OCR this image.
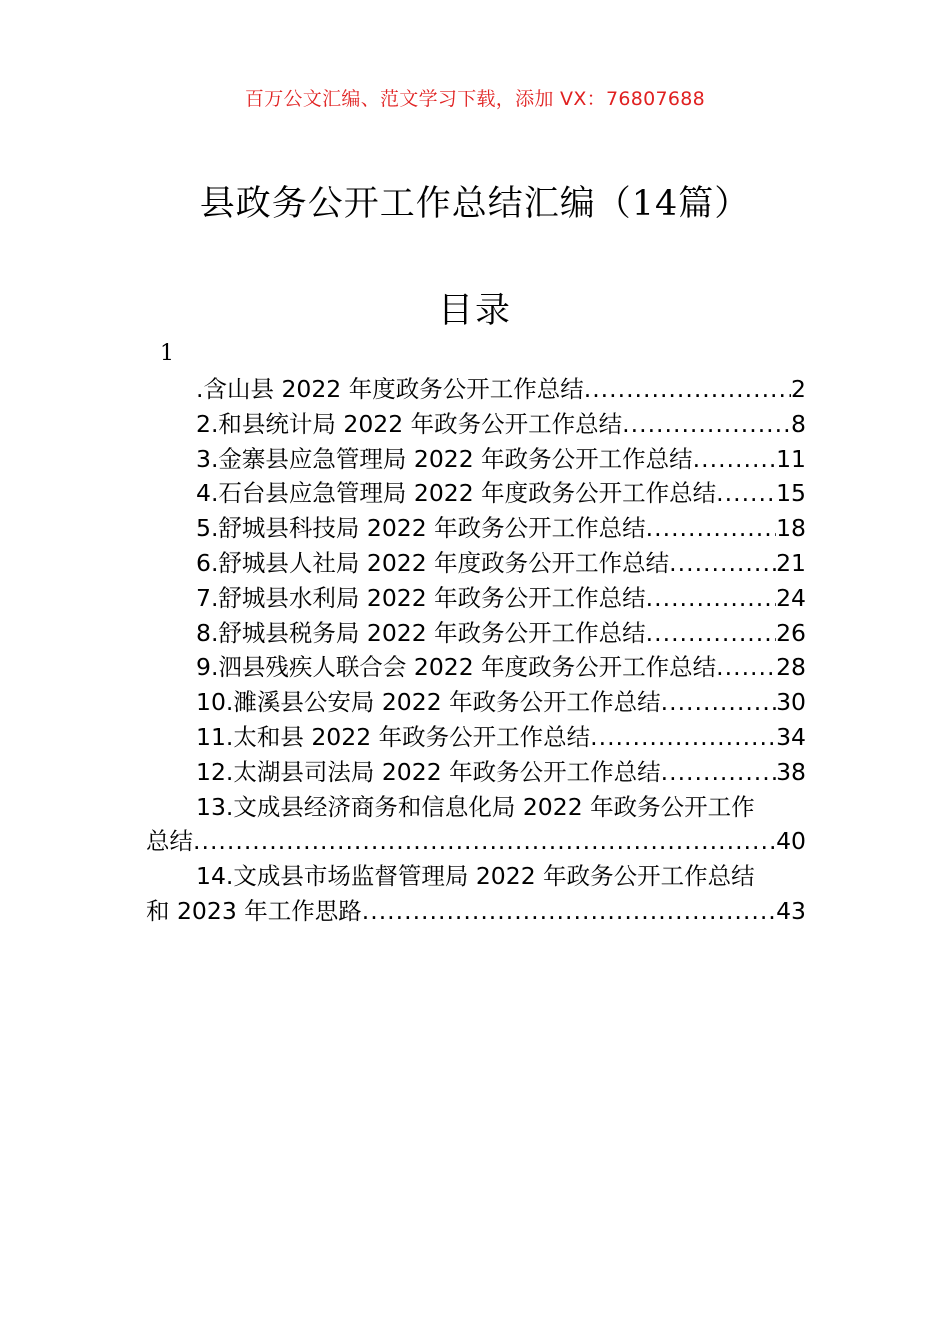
百万公文汇编、范文学习下载，添加 VX：76807688
县政务公开工作总结汇编（14篇）
目录
1
.含山县 2022 年度政务公开工作总结 .....	2
2.和县统计局 2022 年政务公开工作总结 .....	8
3.金寨县应急管理局 2022 年政务公开工作总结 .....	11
4.石台县应急管理局 2022 年度政务公开工作总结 .....	15
5.舒城县科技局 2022 年政务公开工作总结 .....	18
6.舒城县人社局 2022 年度政务公开工作总结 .....	21
7.舒城县水利局 2022 年政务公开工作总结 .....	24
8.舒城县税务局 2022 年政务公开工作总结 .....	26
9.泗县残疾人联合会 2022 年度政务公开工作总结 .....	28
10.濉溪县公安局 2022 年政务公开工作总结 .....	30
11.太和县 2022 年政务公开工作总结 .....	34
12.太湖县司法局 2022 年政务公开工作总结 .....	38
13.文成县经济商务和信息化局 2022 年政务公开工作
总结 .....	40
14.文成县市场监督管理局 2022 年政务公开工作总结
和 2023 年工作思路 .....	43
